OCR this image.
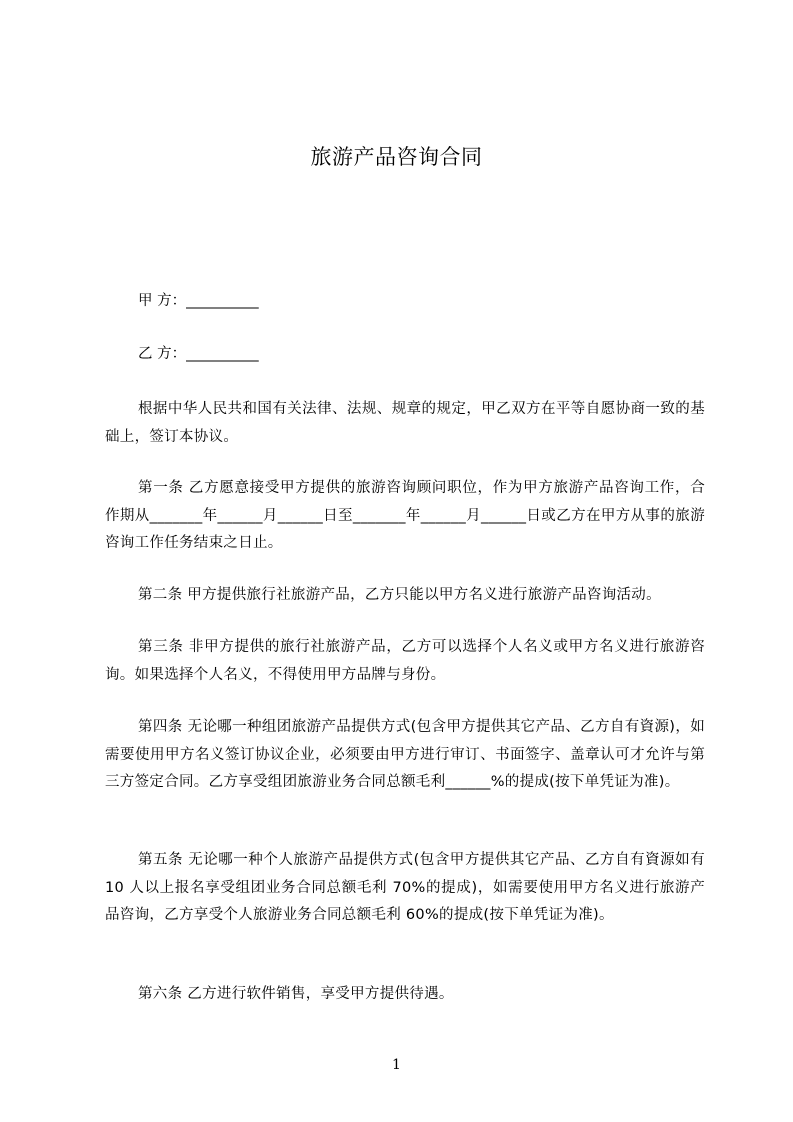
旅游产品咨询合同
甲 方：__________
乙 方：__________

根据中华人民共和国有关法律、法规、规章的规定，甲乙双方在平等自愿协商一致的基础上，签订本协议。

第一条 乙方愿意接受甲方提供的旅游咨询顾问职位，作为甲方旅游产品咨询工作，合作期从_______年______月______日至_______年______月______日或乙方在甲方从事的旅游咨询工作任务结束之日止。

第二条 甲方提供旅行社旅游产品，乙方只能以甲方名义进行旅游产品咨询活动。

第三条 非甲方提供的旅行社旅游产品，乙方可以选择个人名义或甲方名义进行旅游咨询。如果选择个人名义，不得使用甲方品牌与身份。

第四条 无论哪一种组团旅游产品提供方式(包含甲方提供其它产品、乙方自有資源)，如需要使用甲方名义签订协议企业，必须要由甲方进行审订、书面签字、盖章认可才允许与第三方签定合同。乙方享受组团旅游业务合同总额毛利______%的提成(按下单凭证为准)。

第五条 无论哪一种个人旅游产品提供方式(包含甲方提供其它产品、乙方自有資源如有 10 人以上报名享受组团业务合同总额毛利 70%的提成)，如需要使用甲方名义进行旅游产品咨询，乙方享受个人旅游业务合同总额毛利 60%的提成(按下单凭证为准)。

第六条 乙方进行软件销售，享受甲方提供待遇。

1
